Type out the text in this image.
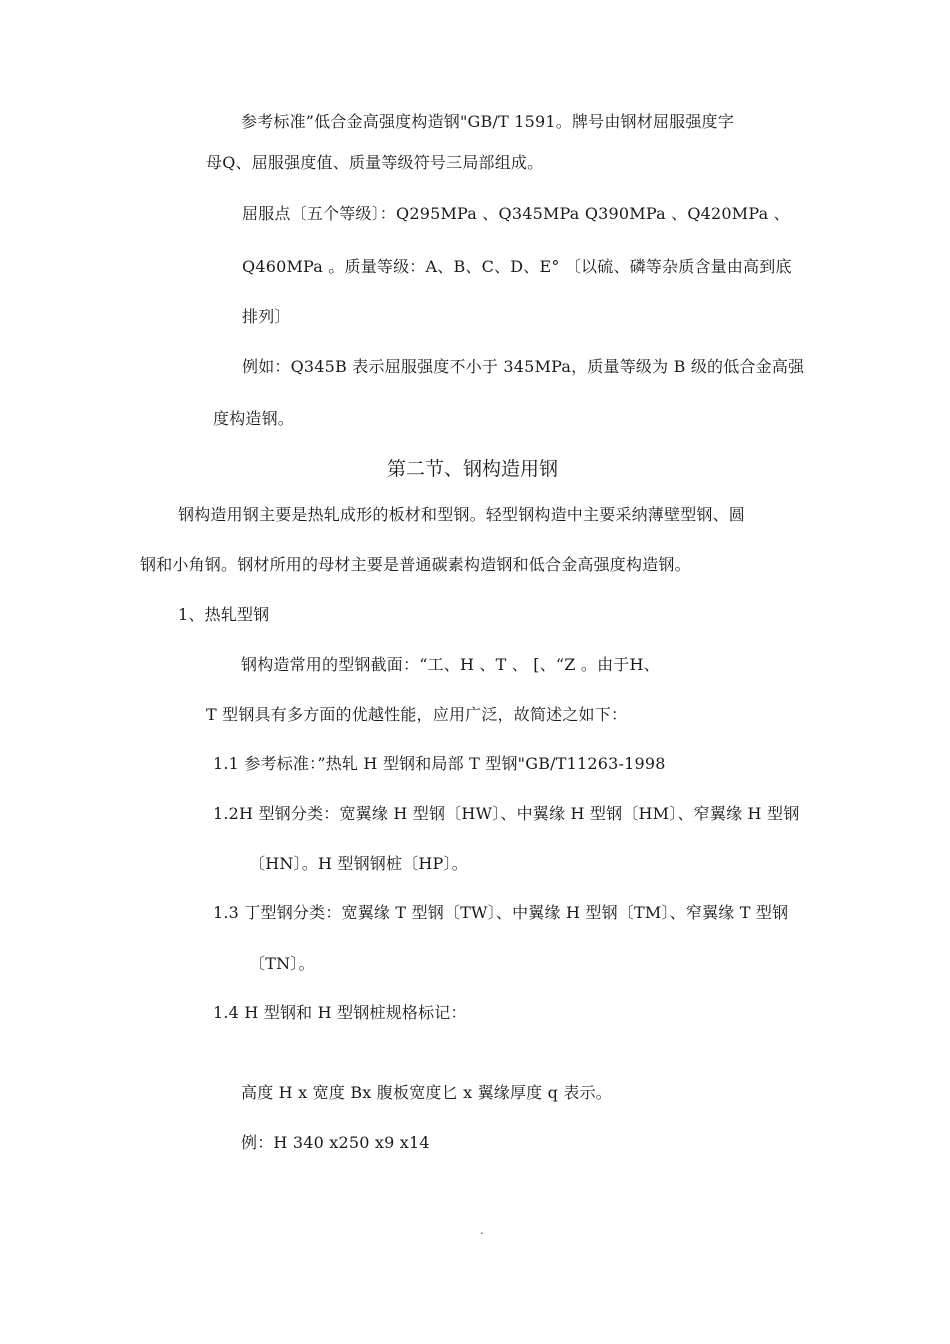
参考标准”低合金高强度构造钢"GB/T 1591。牌号由钢材屈服强度字
母Q、屈服强度值、质量等级符号三局部组成。
屈服点〔五个等级〕：Q295MPa 、Q345MPa Q390MPa 、Q420MPa 、
Q460MPa 。质量等级：A、B、C、D、E° 〔以硫、磷等杂质含量由高到底
排列〕
例如：Q345B 表示屈服强度不小于 345MPa，质量等级为 B 级的低合金高强
度构造钢。
第二节、钢构造用钢
钢构造用钢主要是热轧成形的板材和型钢。轻型钢构造中主要采纳薄壁型钢、圆
钢和小角钢。钢材所用的母材主要是普通碳素构造钢和低合金高强度构造钢。
1、热轧型钢
钢构造常用的型钢截面：“工、H 、T 、 [、“Z 。由于H、
T 型钢具有多方面的优越性能，应用广泛，故简述之如下：
1.1 参考标准：”热轧 H 型钢和局部 T 型钢"GB/T11263-1998
1.2H 型钢分类：宽翼缘 H 型钢〔HW〕、中翼缘 H 型钢〔HM〕、窄翼缘 H 型钢
〔HN〕。H 型钢钢桩〔HP〕。
1.3 丁型钢分类：宽翼缘 T 型钢〔TW〕、中翼缘 H 型钢〔TM〕、窄翼缘 T 型钢
〔TN〕。
1.4 H 型钢和 H 型钢桩规格标记：
高度 H x 宽度 Bx 腹板宽度匕 x 翼缘厚度 q 表示。
例：H 340 x250 x9 x14
.
